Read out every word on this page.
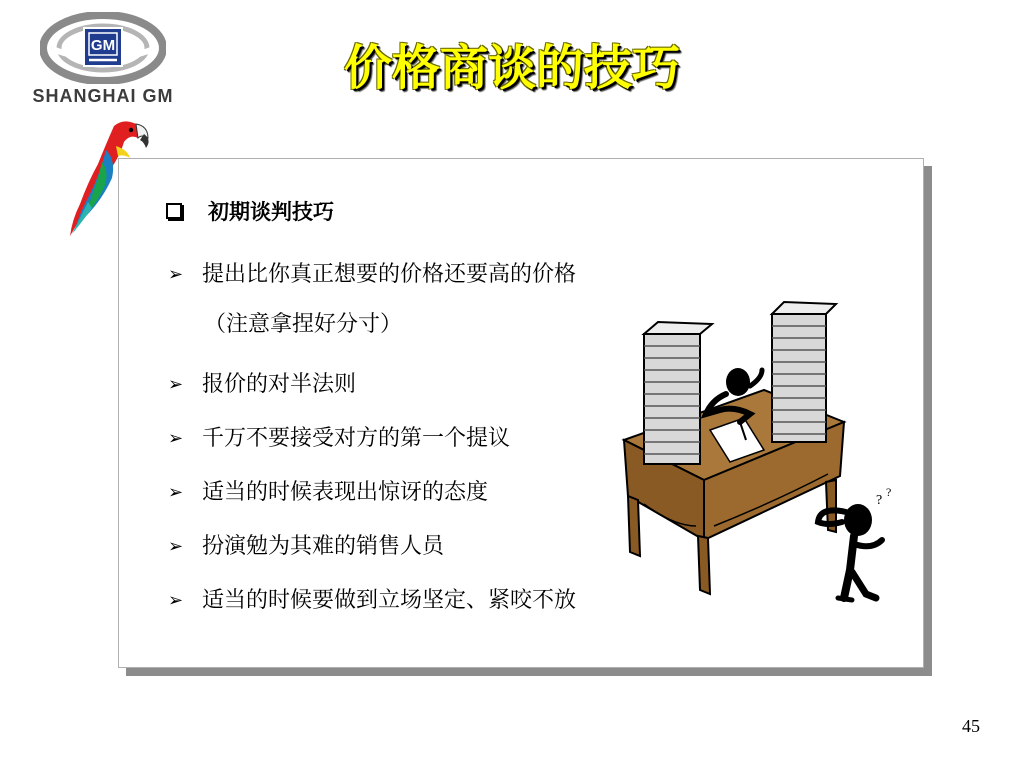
GM
SHANGHAI GM	价格商谈的技巧
初期谈判技巧
➢ 提出比你真正想要的价格还要高的价格
（注意拿捏好分寸）
➢ 报价的对半法则
➢ 千万不要接受对方的第一个提议
➢ 适当的时候表现出惊讶的态度
➢ 扮演勉为其难的销售人员
➢ 适当的时候要做到立场坚定、紧咬不放
?
?
45
